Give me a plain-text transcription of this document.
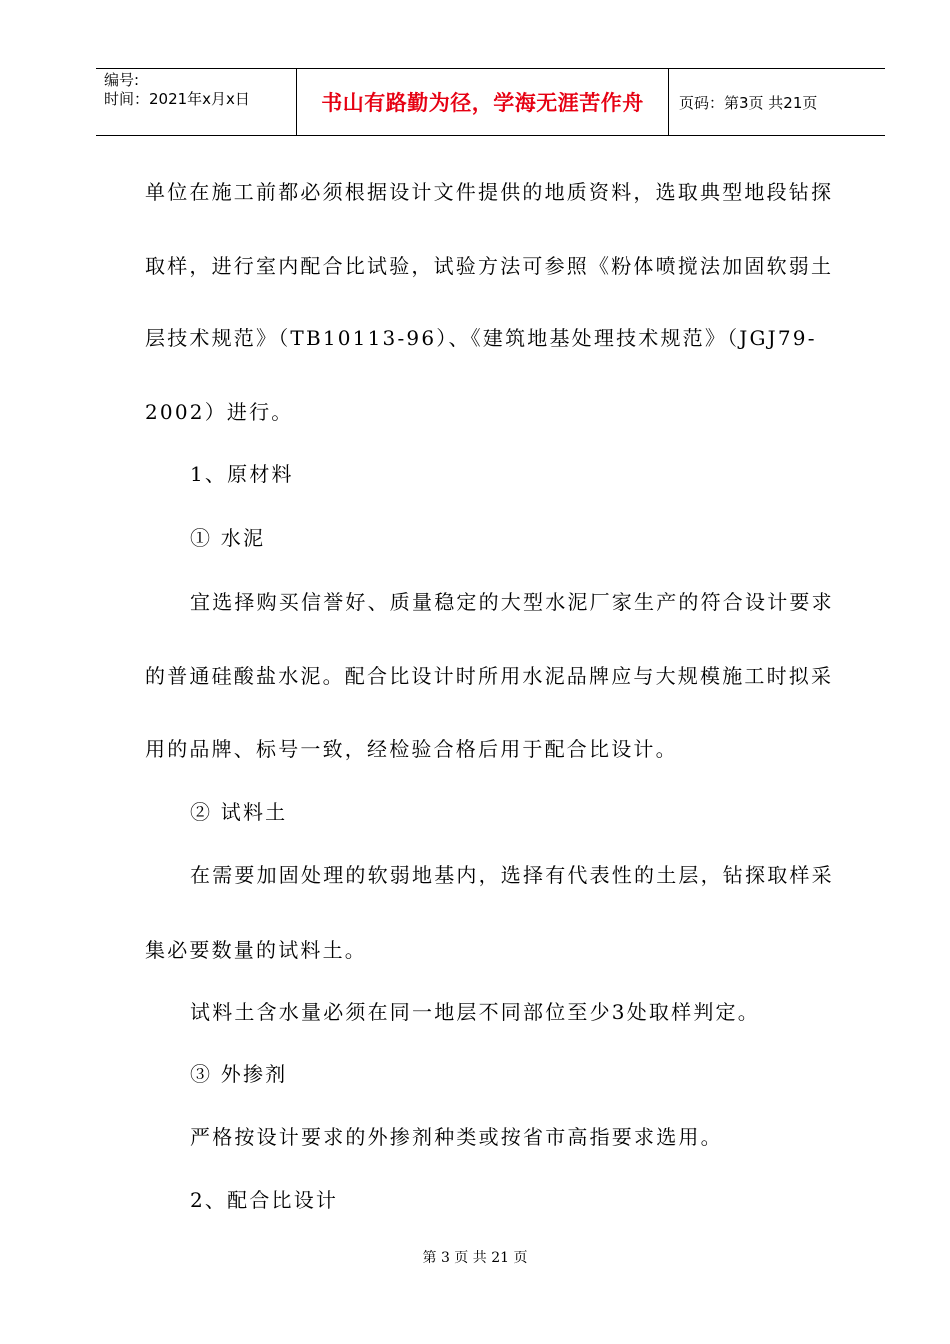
编号:
时间：2021年x月x日	书山有路勤为径，学海无涯苦作舟	页码：第3页 共21页
单位在施工前都必须根据设计文件提供的地质资料，选取典型地段钻探
取样，进行室内配合比试验，试验方法可参照《粉体喷搅法加固软弱土
层技术规范》（TB10113-96）、《建筑地基处理技术规范》（JGJ79-
2002）进行。
1、原材料
① 水泥
宜选择购买信誉好、质量稳定的大型水泥厂家生产的符合设计要求
的普通硅酸盐水泥。配合比设计时所用水泥品牌应与大规模施工时拟采
用的品牌、标号一致，经检验合格后用于配合比设计。
② 试料土
在需要加固处理的软弱地基内，选择有代表性的土层，钻探取样采
集必要数量的试料土。
试料土含水量必须在同一地层不同部位至少3处取样判定。
③ 外掺剂
严格按设计要求的外掺剂种类或按省市高指要求选用。
2、配合比设计
第 3 页 共 21 页
